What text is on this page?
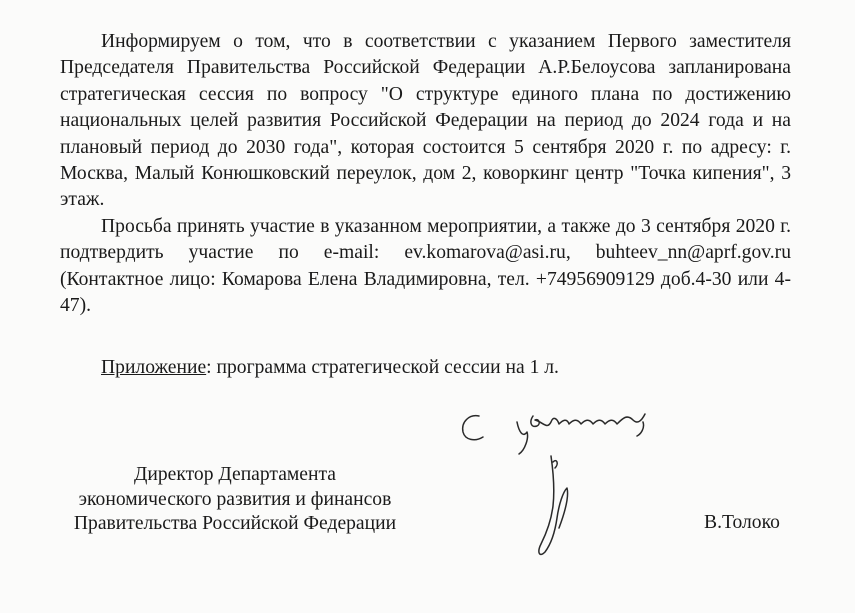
Информируем о том, что в соответствии с указанием Первого заместителя Председателя Правительства Российской Федерации А.Р.Белоусова запланирована стратегическая сессия по вопросу "О структуре единого плана по достижению национальных целей развития Российской Федерации на период до 2024 года и на плановый период до 2030 года", которая состоится 5 сентября 2020 г. по адресу: г. Москва, Малый Конюшковский переулок, дом 2, коворкинг центр "Точка кипения", 3 этаж.

Просьба принять участие в указанном мероприятии, а также до 3 сентября 2020 г. подтвердить участие по e-mail: ev.komarova@asi.ru, buhteev_nn@aprf.gov.ru (Контактное лицо: Комарова Елена Владимировна, тел. +74956909129 доб.4-30 или 4-47).

Приложение: программа стратегической сессии на 1 л.

Директор Департамента
экономического развития и финансов
Правительства Российской Федерации	В.Толоко
